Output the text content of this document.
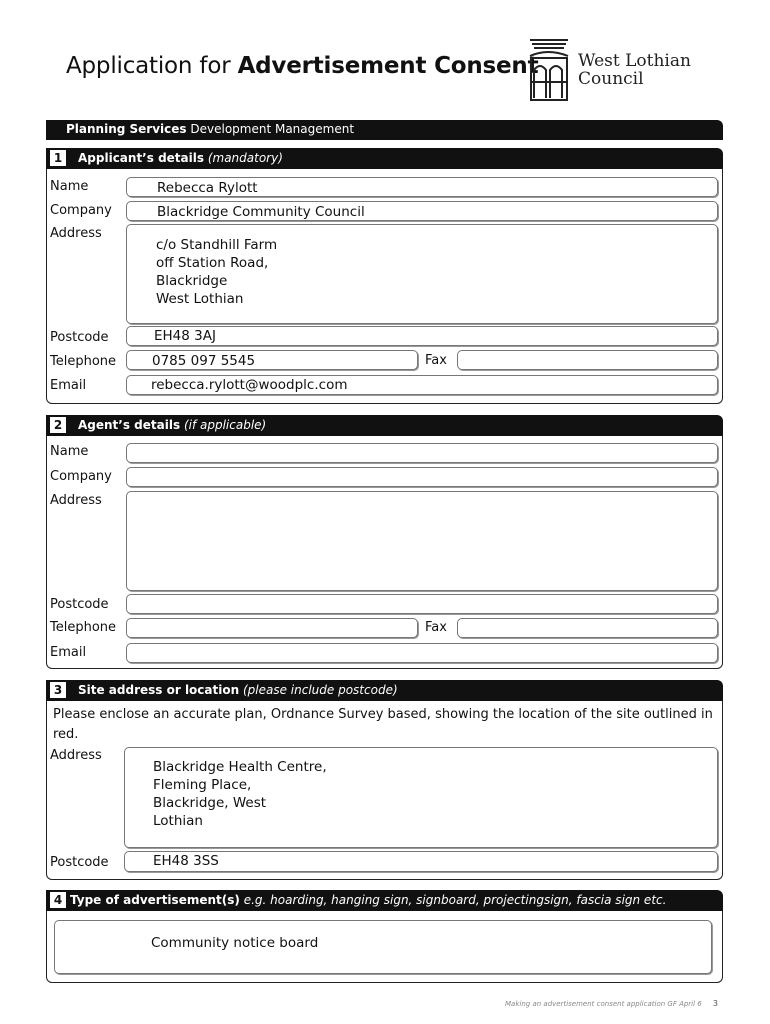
Application for Advertisement Consent West Lothian
Council
Planning Services Development Management
1	Applicant’s details (mandatory)
Name	Rebecca Rylott
Company	Blackridge Community Council
Address
c/o Standhill Farm
off Station Road,
Blackridge
West Lothian
Postcode	EH48 3AJ
Telephone	0785 097 5545	Fax
Email	rebecca.rylott@woodplc.com
2	Agent’s details (if applicable)
Name
Company
Address
Postcode
Telephone	Fax
Email
3	Site address or location (please include postcode)
Please enclose an accurate plan, Ordnance Survey based, showing the location of the site outlined in red.
Address
Blackridge Health Centre,
Fleming Place,
Blackridge, West
Lothian
Postcode	EH48 3SS
4 Type of advertisement(s) e.g. hoarding, hanging sign, signboard, projectingsign, fascia sign etc.
Community notice board
Making an advertisement consent application GF April 6 3
